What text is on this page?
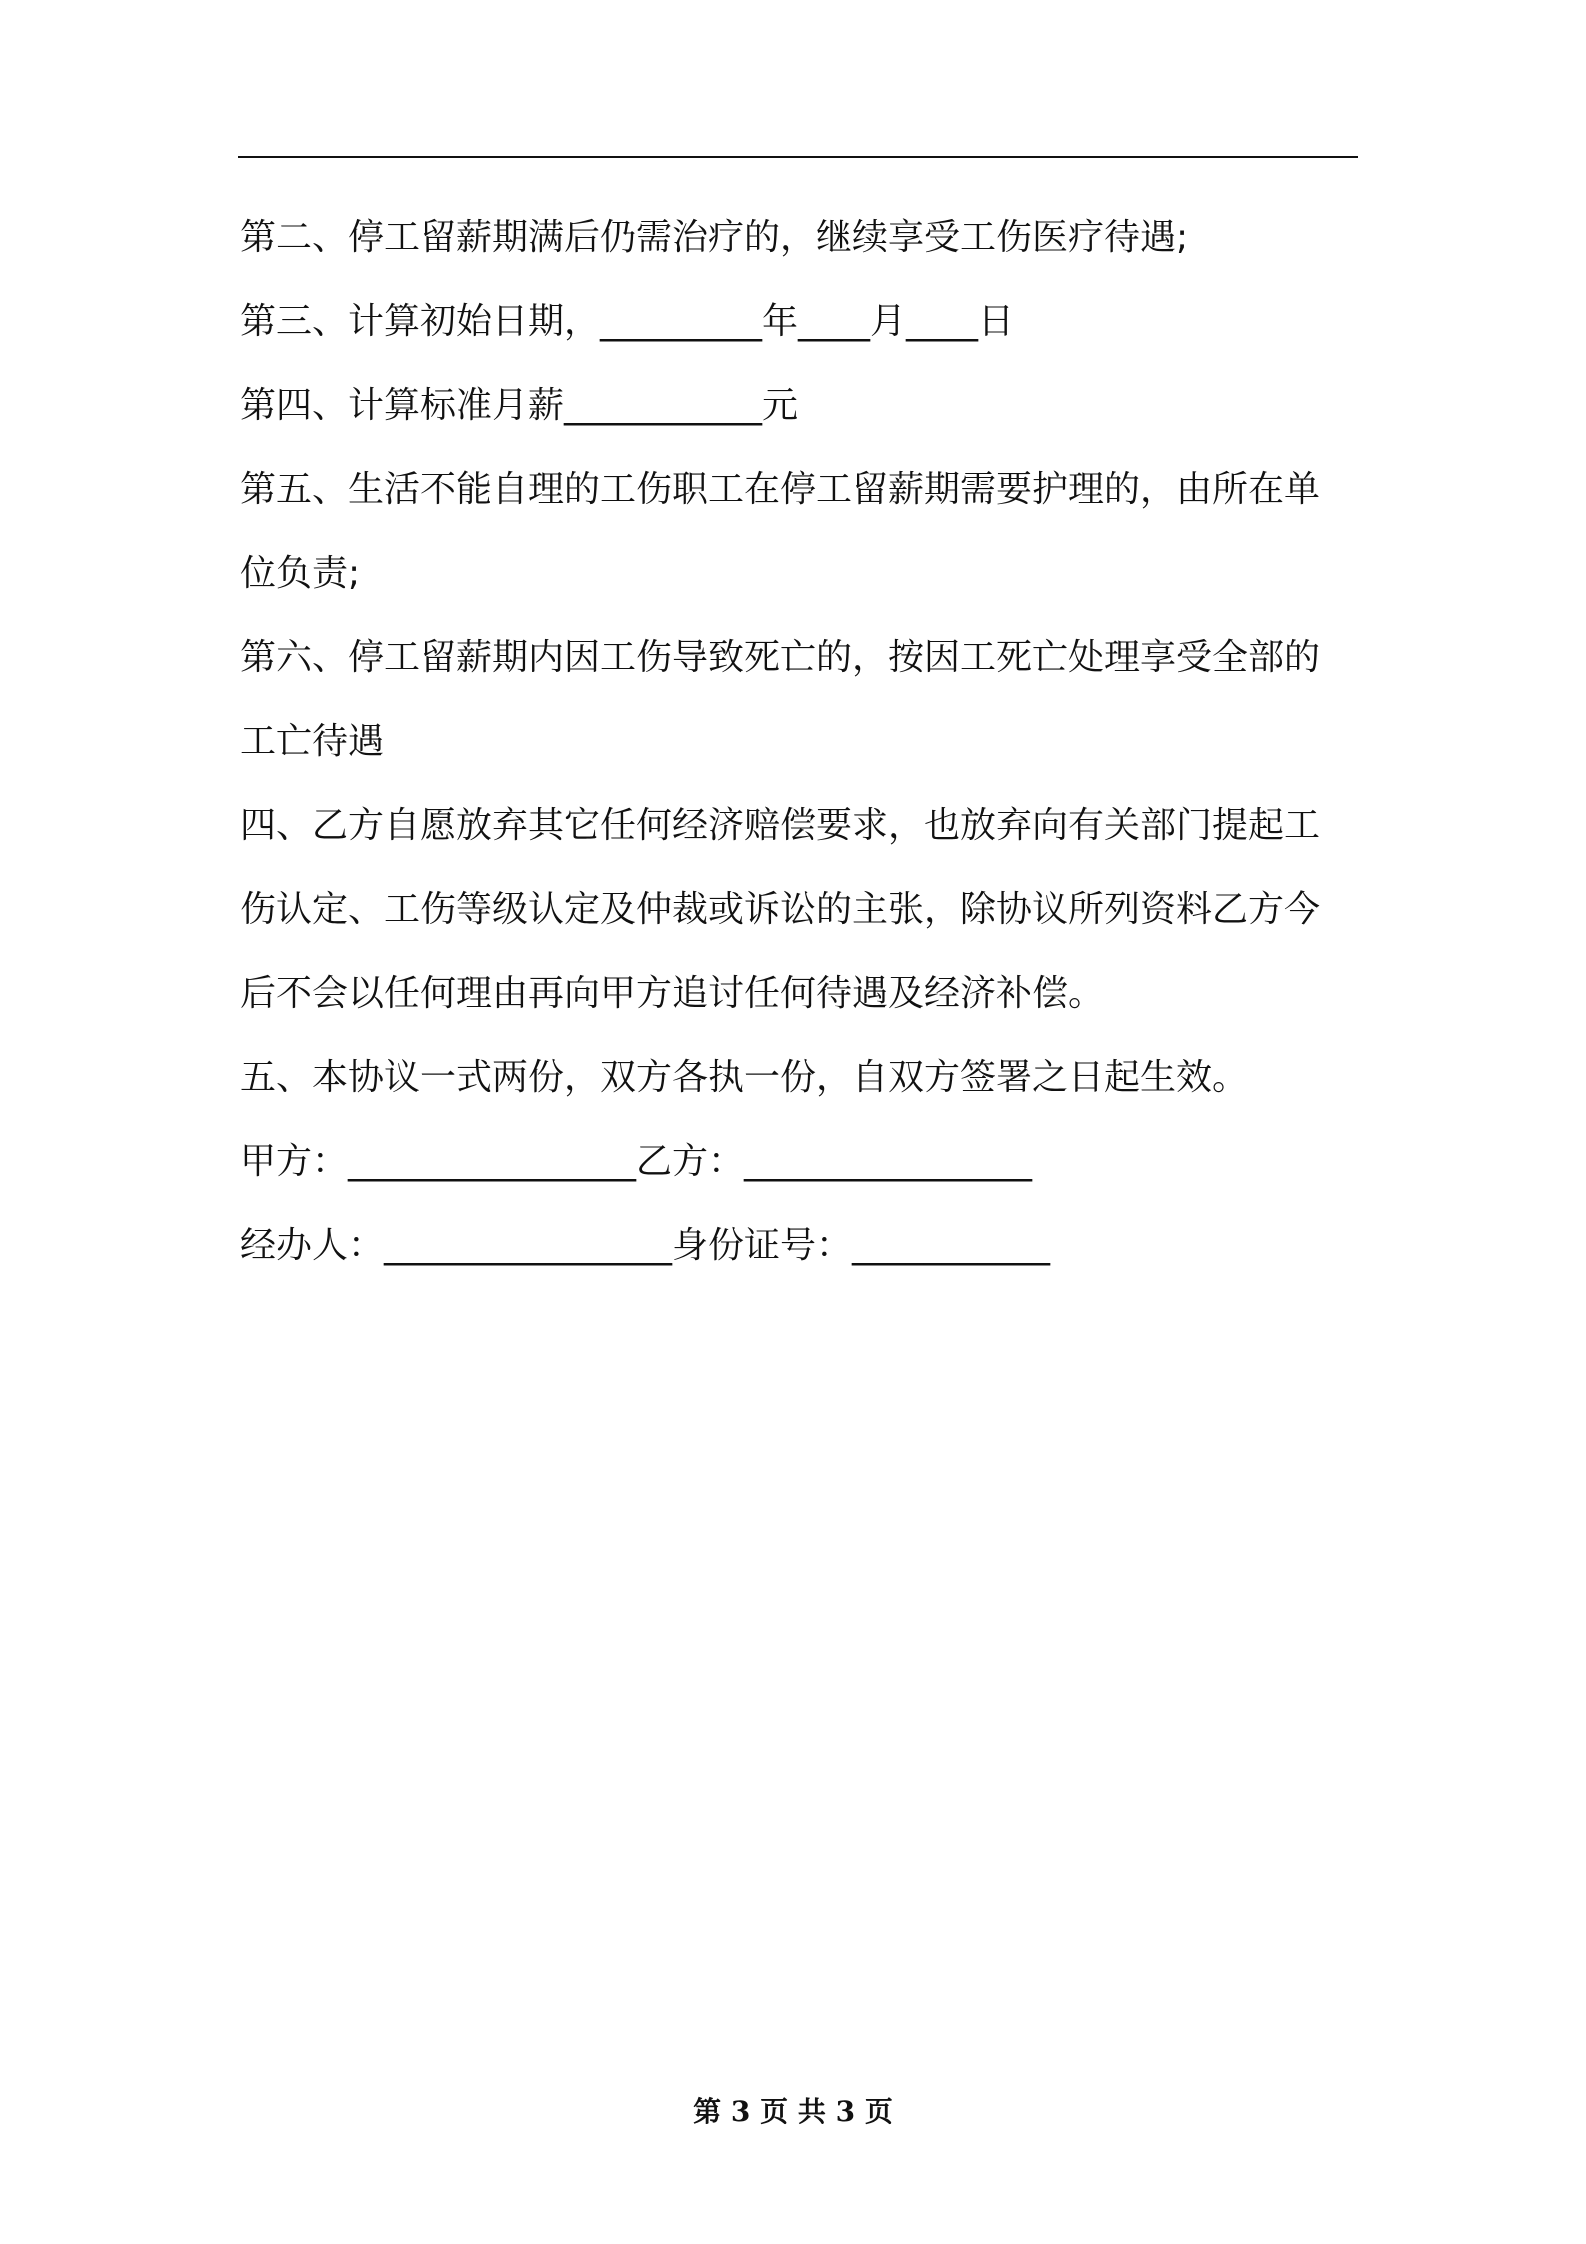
第二、停工留薪期满后仍需治疗的，继续享受工伤医疗待遇;
第三、计算初始日期，_________年____月____日
第四、计算标准月薪___________元
第五、生活不能自理的工伤职工在停工留薪期需要护理的，由所在单
位负责;
第六、停工留薪期内因工伤导致死亡的，按因工死亡处理享受全部的
工亡待遇
四、乙方自愿放弃其它任何经济赔偿要求，也放弃向有关部门提起工
伤认定、工伤等级认定及仲裁或诉讼的主张，除协议所列资料乙方今
后不会以任何理由再向甲方追讨任何待遇及经济补偿。
五、本协议一式两份，双方各执一份，自双方签署之日起生效。
甲方：________________乙方：________________
经办人：________________身份证号：___________
第 3 页 共 3 页
